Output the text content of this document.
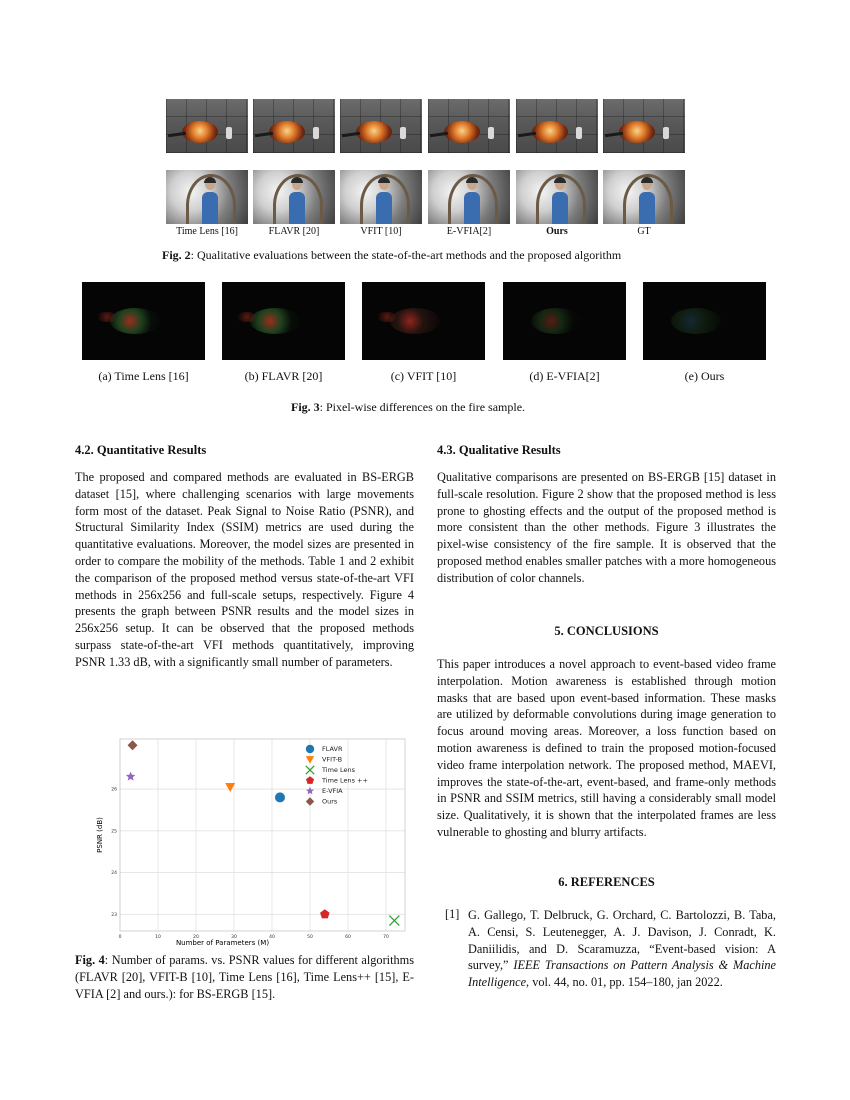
Time Lens [16]	FLAVR [20]	VFIT [10]	E-VFIA[2]	Ours	GT
Fig. 2: Qualitative evaluations between the state-of-the-art methods and the proposed algorithm
(a) Time Lens [16]	(b) FLAVR [20]	(c) VFIT [10]	(d) E-VFIA[2]	(e) Ours
Fig. 3: Pixel-wise differences on the fire sample.
4.2. Quantitative Results
The proposed and compared methods are evaluated in BS-ERGB dataset [15], where challenging scenarios with large movements form most of the dataset. Peak Signal to Noise Ratio (PSNR), and Structural Similarity Index (SSIM) metrics are used during the quantitative evaluations. Moreover, the model sizes are presented in order to compare the mobility of the methods. Table 1 and 2 exhibit the comparison of the proposed method versus state-of-the-art VFI methods in 256x256 and full-scale setups, respectively. Figure 4 presents the graph between PSNR results and the model sizes in 256x256 setup. It can be observed that the proposed methods surpass state-of-the-art VFI methods quantitatively, improving PSNR 1.33 dB, with a significantly small number of parameters.
0	10	20	30	40	50	60	70
23
24
25
26
FLAVR
VFIT-B
Time Lens
Time Lens ++
E-VFIA
Ours
Number of Parameters (M)
PSNR (dB)
Fig. 4: Number of params. vs. PSNR values for different algorithms (FLAVR [20], VFIT-B [10], Time Lens [16], Time Lens++ [15], E-VFIA [2] and ours.): for BS-ERGB [15].
4.3. Qualitative Results
Qualitative comparisons are presented on BS-ERGB [15] dataset in full-scale resolution. Figure 2 show that the proposed method is less prone to ghosting effects and the output of the proposed method is more consistent than the other methods. Figure 3 illustrates the pixel-wise consistency of the fire sample. It is observed that the proposed method enables smaller patches with a more homogeneous distribution of color channels.
5. CONCLUSIONS
This paper introduces a novel approach to event-based video frame interpolation. Motion awareness is established through motion masks that are based upon event-based information. These masks are utilized by deformable convolutions during image generation to focus around moving areas. Moreover, a loss function based on motion awareness is defined to train the proposed motion-focused video frame interpolation network. The proposed method, MAEVI, improves the state-of-the-art, event-based, and frame-only methods in PSNR and SSIM metrics, still having a considerably small model size. Qualitatively, it is shown that the interpolated frames are less vulnerable to ghosting and blurry artifacts.
6. REFERENCES
[1] G. Gallego, T. Delbruck, G. Orchard, C. Bartolozzi, B. Taba, A. Censi, S. Leutenegger, A. J. Davison, J. Conradt, K. Daniilidis, and D. Scaramuzza, “Event-based vision: A survey,” IEEE Transactions on Pattern Analysis & Machine Intelligence, vol. 44, no. 01, pp. 154–180, jan 2022.
